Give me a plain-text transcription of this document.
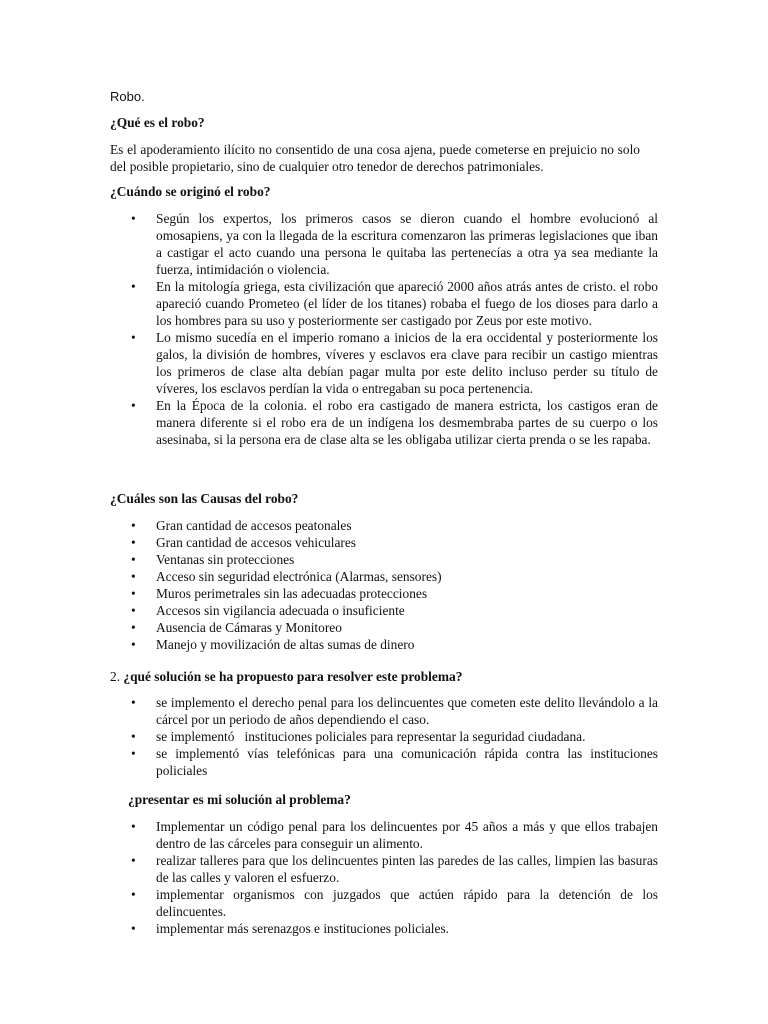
Robo.
¿Qué es el robo?
Es el apoderamiento ilícito no consentido de una cosa ajena, puede cometerse en prejuicio no solo del posible propietario, sino de cualquier otro tenedor de derechos patrimoniales.
¿Cuándo se originó el robo?
• Según los expertos, los primeros casos se dieron cuando el hombre evolucionó al omosapiens, ya con la llegada de la escritura comenzaron las primeras legislaciones que iban a castigar el acto cuando una persona le quitaba las pertenecías a otra ya sea mediante la fuerza, intimidación o violencia.
• En la mitología griega, esta civilización que apareció 2000 años atrás antes de cristo. el robo apareció cuando Prometeo (el líder de los titanes) robaba el fuego de los dioses para darlo a los hombres para su uso y posteriormente ser castigado por Zeus por este motivo.
• Lo mismo sucedía en el imperio romano a inicios de la era occidental y posteriormente los galos, la división de hombres, víveres y esclavos era clave para recibir un castigo mientras los primeros de clase alta debían pagar multa por este delito incluso perder su título de víveres, los esclavos perdían la vida o entregaban su poca pertenencia.
• En la Época de la colonia. el robo era castigado de manera estricta, los castigos eran de manera diferente si el robo era de un indígena los desmembraba partes de su cuerpo o los asesinaba, si la persona era de clase alta se les obligaba utilizar cierta prenda o se les rapaba.
¿Cuáles son las Causas del robo?
• Gran cantidad de accesos peatonales
• Gran cantidad de accesos vehiculares
• Ventanas sin protecciones
• Acceso sin seguridad electrónica (Alarmas, sensores)
• Muros perimetrales sin las adecuadas protecciones
• Accesos sin vigilancia adecuada o insuficiente
• Ausencia de Cámaras y Monitoreo
• Manejo y movilización de altas sumas de dinero
2. ¿qué solución se ha propuesto para resolver este problema?
• se implemento el derecho penal para los delincuentes que cometen este delito llevándolo a la cárcel por un periodo de años dependiendo el caso.
• se implementó   instituciones policiales para representar la seguridad ciudadana.
• se implementó vías telefónicas para una comunicación rápida contra las instituciones policiales
¿presentar es mi solución al problema?
• Implementar un código penal para los delincuentes por 45 años a más y que ellos trabajen dentro de las cárceles para conseguir un alimento.
• realizar talleres para que los delincuentes pinten las paredes de las calles, limpien las basuras de las calles y valoren el esfuerzo.
• implementar organismos con juzgados que actúen rápido para la detención de los delincuentes.
• implementar más serenazgos e instituciones policiales.
